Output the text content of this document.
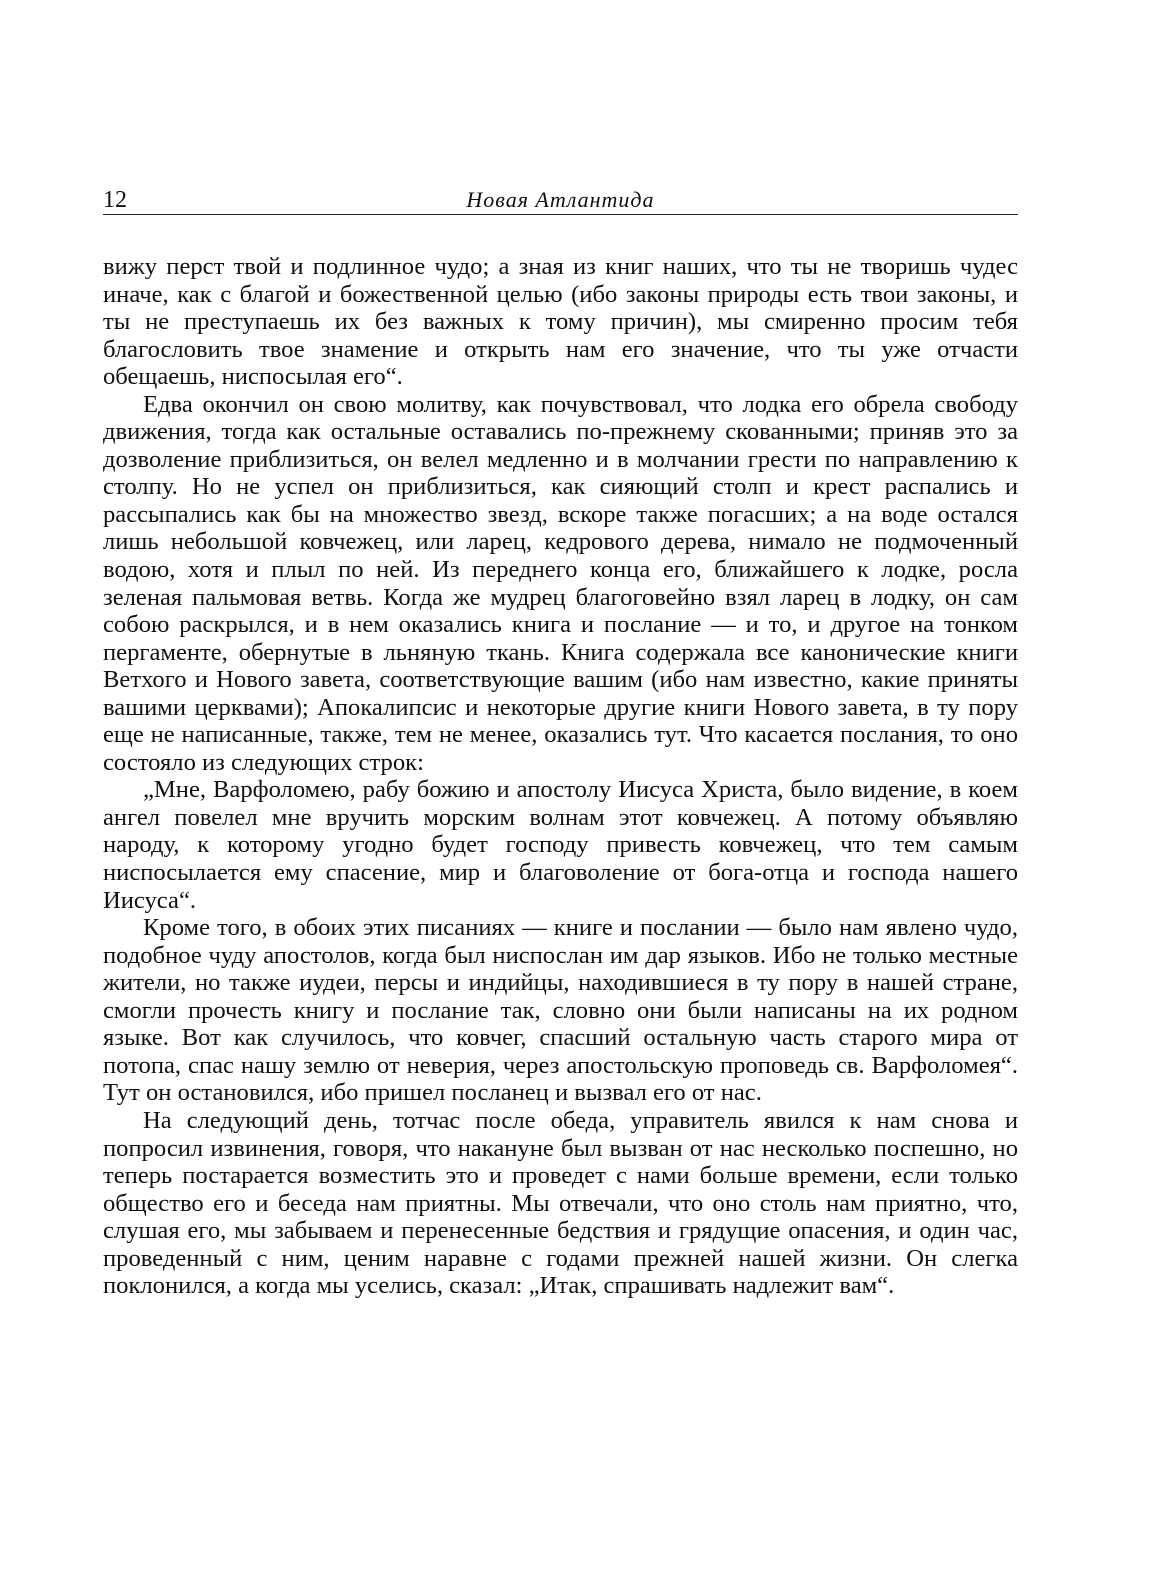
12	Новая Атлантида

вижу перст твой и подлинное чудо; а зная из книг наших, что ты не творишь чудес иначе, как с благой и божественной целью (ибо законы природы есть твои законы, и ты не преступаешь их без важных к тому причин), мы смиренно просим тебя благословить твое знамение и открыть нам его значение, что ты уже отчасти обещаешь, ниспосылая его“.

Едва окончил он свою молитву, как почувствовал, что лодка его обрела свободу движения, тогда как остальные оставались по-прежнему скованными; приняв это за дозволение приблизиться, он велел медленно и в молчании грести по направлению к столпу. Но не успел он приблизиться, как сияющий столп и крест распались и рассыпались как бы на множество звезд, вскоре также погасших; а на воде остался лишь небольшой ковчежец, или ларец, кедрового дерева, нимало не подмоченный водою, хотя и плыл по ней. Из переднего конца его, ближайшего к лодке, росла зеленая пальмовая ветвь. Когда же мудрец благоговейно взял ларец в лодку, он сам собою раскрылся, и в нем оказались книга и послание — и то, и другое на тонком пергаменте, обернутые в льняную ткань. Книга содержала все канонические книги Ветхого и Нового завета, соответствующие вашим (ибо нам известно, какие приняты вашими церквами); Апокалипсис и некоторые другие книги Нового завета, в ту пору еще не написанные, также, тем не менее, оказались тут. Что касается послания, то оно состояло из следующих строк:

„Мне, Варфоломею, рабу божию и апостолу Иисуса Христа, было видение, в коем ангел повелел мне вручить морским волнам этот ковчежец. А потому объявляю народу, к которому угодно будет господу привесть ковчежец, что тем самым ниспосылается ему спасение, мир и благоволение от бога-отца и господа нашего Иисуса“.

Кроме того, в обоих этих писаниях — книге и послании — было нам явлено чудо, подобное чуду апостолов, когда был ниспослан им дар языков. Ибо не только местные жители, но также иудеи, персы и индийцы, находившиеся в ту пору в нашей стране, смогли прочесть книгу и послание так, словно они были написаны на их родном языке. Вот как случилось, что ковчег, спасший остальную часть старого мира от потопа, спас нашу землю от неверия, через апостольскую проповедь св. Варфоломея“. Тут он остановился, ибо пришел посланец и вызвал его от нас.

На следующий день, тотчас после обеда, управитель явился к нам снова и попросил извинения, говоря, что накануне был вызван от нас несколько поспешно, но теперь постарается возместить это и проведет с нами больше времени, если только общество его и беседа нам приятны. Мы отвечали, что оно столь нам приятно, что, слушая его, мы забываем и перенесенные бедствия и грядущие опасения, и один час, проведенный с ним, ценим наравне с годами прежней нашей жизни. Он слегка поклонился, а когда мы уселись, сказал: „Итак, спрашивать надлежит вам“.
